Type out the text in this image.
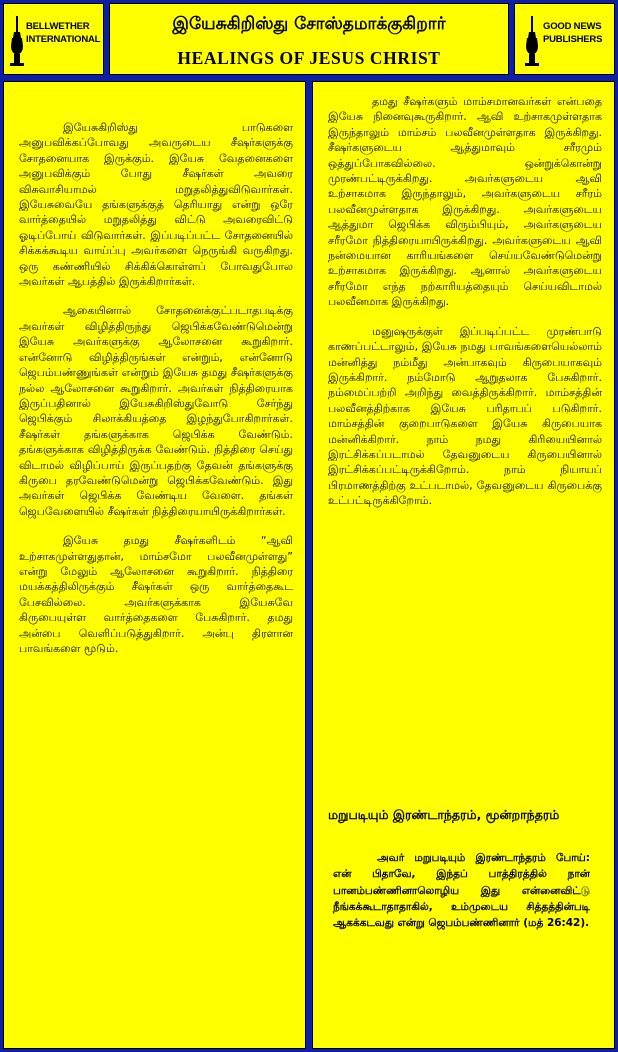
BELLWETHER
INTERNATIONAL
இயேசுகிறிஸ்து சோஸ்தமாக்குகிறார்
HEALINGS OF JESUS CHRIST
GOOD NEWS
PUBLISHERS

இயேசுகிறிஸ்து பாடுகளை அனுபவிக்கப்போவது அவருடைய சீஷர்களுக்கு சோதனையாக இருக்கும். இயேசு வேதனைகளை அனுபவிக்கும் போது சீஷர்கள் அவரை விசுவாசியாமல் மறுதலித்துவிடுவார்கள். இயேசுவையே தங்களுக்குத் தெரியாது என்று ஒரே வார்த்தையில் மறுதலித்து விட்டு அவரைவிட்டு ஓடிப்போய் விடுவார்கள். இப்படிப்பட்ட சோதனையில் சிக்கக்கூடிய வாய்ப்பு அவர்களை நெருங்கி வருகிறது. ஒரு கண்ணியில் சிக்கிக்கொள்ளப் போவதுபோல அவர்கள் ஆபத்தில் இருக்கிறார்கள்.

ஆகையினால் சோதனைக்குட்படாதபடிக்கு அவர்கள் விழித்திருந்து ஜெபிக்கவேண்டுமென்று இயேசு அவர்களுக்கு ஆலோசனை கூறுகிறார். என்னோடு விழித்திருங்கள் என்றும், என்னோடு ஜெபம்பண்ணுங்கள் என்றும் இயேசு தமது சீஷர்களுக்கு நல்ல ஆலோசனை கூறுகிறார். அவர்கள் நித்திரையாக இருப்பதினால் இயேசுகிறிஸ்துவோடு சேர்ந்து ஜெபிக்கும் சிலாக்கியத்தை இழந்துபோகிறார்கள். சீஷர்கள் தங்களுக்காக ஜெபிக்க வேண்டும். தங்களுக்காக விழித்திருக்க வேண்டும். நித்திரை செய்து விடாமல் விழிப்பாய் இருப்பதற்கு தேவன் தங்களுக்கு கிருபை தரவேண்டுமென்று ஜெபிக்கவேண்டும். இது அவர்கள் ஜெபிக்க வேண்டிய வேளை. தங்கள் ஜெபவேளையில் சீஷர்கள் நித்திரையாயிருக்கிறார்கள்.

இயேசு தமது சீஷர்களிடம் “ஆவி உற்சாகமுள்ளதுதான், மாம்சமோ பலவீனமுள்ளது” என்று மேலும் ஆலோசனை கூறுகிறார். நித்திரை மயக்கத்திலிருக்கும் சீஷர்கள் ஒரு வார்த்தைகூட பேசவில்லை. அவர்களுக்காக இயேசுவே கிருபையுள்ள வார்த்தைகளை பேசுகிறார். தமது அன்பை வெளிப்படுத்துகிறார். அன்பு திரளான பாவங்களை மூடும்.

தமது சீஷர்களும் மாம்சமானவர்கள் என்பதை இயேசு நினைவுகூருகிறார். ஆவி உற்சாகமுள்ளதாக இருந்தாலும் மாம்சம் பலவீனமுள்ளதாக இருக்கிறது. சீஷர்களுடைய ஆத்துமாவும் சரீரமும் ஒத்துப்போகவில்லை. ஒன்றுக்கொன்று முரண்பட்டிருக்கிறது. அவர்களுடைய ஆவி உற்சாகமாக இருந்தாலும், அவர்களுடைய சரீரம் பலவீனமுள்ளதாக இருக்கிறது. அவர்களுடைய ஆத்துமா ஜெபிக்க விரும்பியும், அவர்களுடைய சரீரமோ நித்திரையாயிருக்கிறது. அவர்களுடைய ஆவி நன்மையான காரியங்களை செய்யவேண்டுமென்று உற்சாகமாக இருக்கிறது. ஆனால் அவர்களுடைய சரீரமோ எந்த நற்காரியத்தையும் செய்யவிடாமல் பலவீனமாக இருக்கிறது.

மனுஷருக்குள் இப்படிப்பட்ட முரண்பாடு காணப்பட்டாலும், இயேசு நமது பாவங்களையெல்லாம் மன்னித்து நம்மீது அன்பாகவும் கிருபையாகவும் இருக்கிறார். நம்மோடு ஆறுதலாக பேசுகிறார். நம்மைப்பற்றி அறிந்து வைத்திருக்கிறார். மாம்சத்தின் பலவீனத்திற்காக இயேசு பரிதாபப் படுகிறார். மாம்சத்தின் குறைபாடுகளை இயேசு கிருபையாக மன்னிக்கிறார். நாம் நமது கிரியையினால் இரட்சிக்கப்படாமல் தேவனுடைய கிருபையினால் இரட்சிக்கப்பட்டிருக்கிறோம். நாம் நியாயப் பிரமாணத்திற்கு உட்படாமல், தேவனுடைய கிருபைக்கு உட்பட்டிருக்கிறோம்.

மறுபடியும் இரண்டாந்தரம், மூன்றாந்தரம்

அவர் மறுபடியும் இரண்டாந்தரம் போய்: என் பிதாவே, இந்தப் பாத்திரத்தில் நான் பானம்பண்ணினாலொழிய இது என்னைவிட்டு நீங்கக்கூடாதாதாகில், உம்முடைய சித்தத்தின்படி ஆகக்கடவது என்று ஜெபம்பண்ணினார் (மத் 26:42).
